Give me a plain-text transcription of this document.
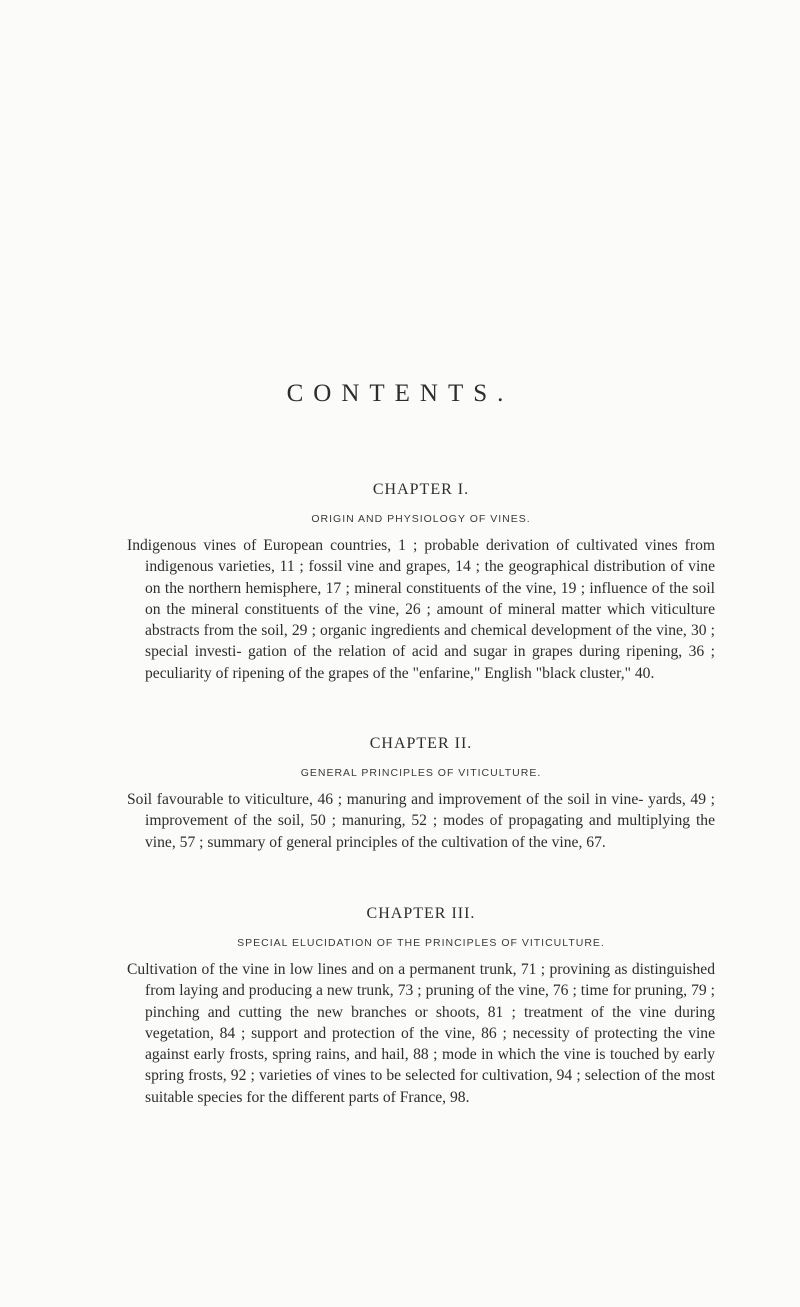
CONTENTS.
CHAPTER I.
ORIGIN AND PHYSIOLOGY OF VINES.

Indigenous vines of European countries, 1 ; probable derivation of cultivated vines from indigenous varieties, 11 ; fossil vine and grapes, 14 ; the geographical distribution of vine on the northern hemisphere, 17 ; mineral constituents of the vine, 19 ; influence of the soil on the mineral constituents of the vine, 26 ; amount of mineral matter which viticulture abstracts from the soil, 29 ; organic ingredients and chemical development of the vine, 30 ; special investi- gation of the relation of acid and sugar in grapes during ripening, 36 ; peculiarity of ripening of the grapes of the "enfarine," English "black cluster," 40.

CHAPTER II.
GENERAL PRINCIPLES OF VITICULTURE.

Soil favourable to viticulture, 46 ; manuring and improvement of the soil in vine- yards, 49 ; improvement of the soil, 50 ; manuring, 52 ; modes of propagating and multiplying the vine, 57 ; summary of general principles of the cultivation of the vine, 67.

CHAPTER III.
SPECIAL ELUCIDATION OF THE PRINCIPLES OF VITICULTURE.

Cultivation of the vine in low lines and on a permanent trunk, 71 ; provining as distinguished from laying and producing a new trunk, 73 ; pruning of the vine, 76 ; time for pruning, 79 ; pinching and cutting the new branches or shoots, 81 ; treatment of the vine during vegetation, 84 ; support and protection of the vine, 86 ; necessity of protecting the vine against early frosts, spring rains, and hail, 88 ; mode in which the vine is touched by early spring frosts, 92 ; varieties of vines to be selected for cultivation, 94 ; selection of the most suitable species for the different parts of France, 98.
